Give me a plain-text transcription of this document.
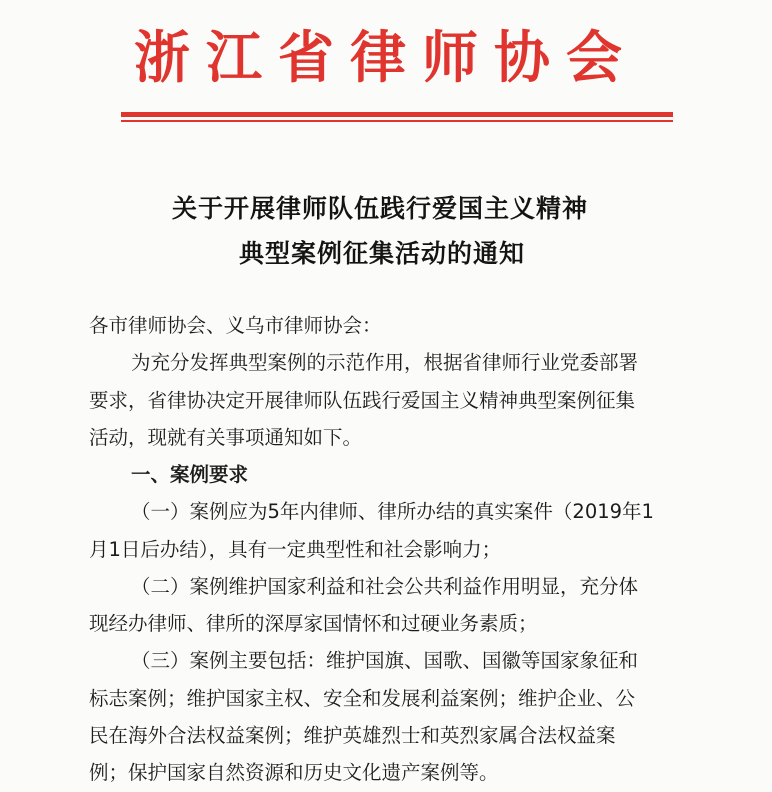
浙江省律师协会
关于开展律师队伍践行爱国主义精神
典型案例征集活动的通知
各市律师协会、义乌市律师协会：
为充分发挥典型案例的示范作用，根据省律师行业党委部署
要求，省律协决定开展律师队伍践行爱国主义精神典型案例征集
活动，现就有关事项通知如下。
一、案例要求
（一）案例应为5年内律师、律所办结的真实案件（2019年1
月1日后办结），具有一定典型性和社会影响力；
（二）案例维护国家利益和社会公共利益作用明显，充分体
现经办律师、律所的深厚家国情怀和过硬业务素质；
（三）案例主要包括：维护国旗、国歌、国徽等国家象征和
标志案例；维护国家主权、安全和发展利益案例；维护企业、公
民在海外合法权益案例；维护英雄烈士和英烈家属合法权益案
例；保护国家自然资源和历史文化遗产案例等。
